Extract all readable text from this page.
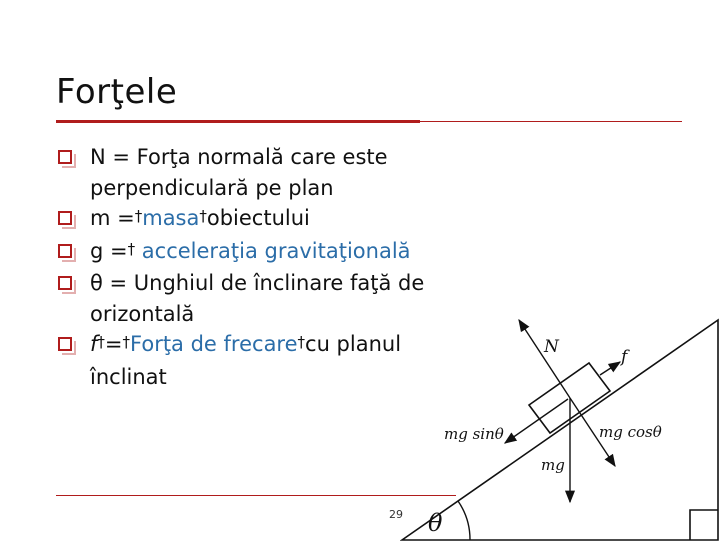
Forţele

N = Forţa normală care este perpendiculară pe plan

m =†masa†obiectului

g =† acceleraţia gravitaţională

θ = Unghiul de înclinare faţă de orizontală

f†=†Forţa de frecare†cu planul înclinat

N	f
mg sinθ	mg cosθ
mg
θ
29
